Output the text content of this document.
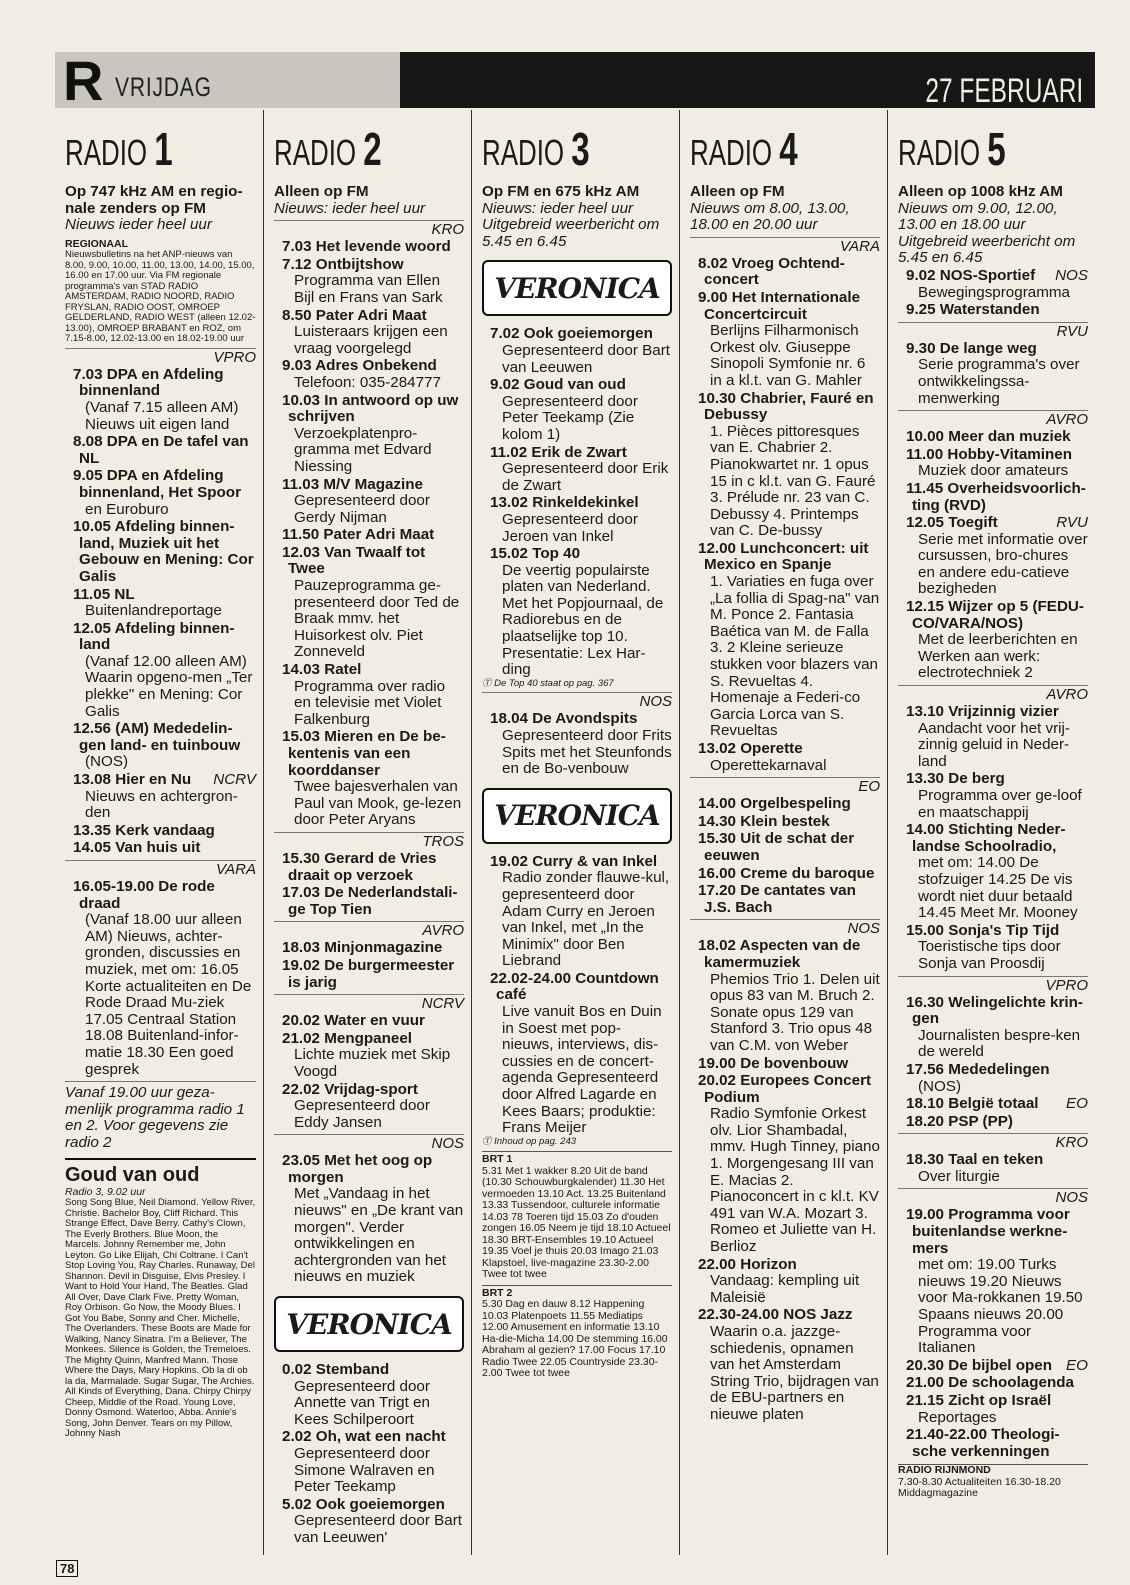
R VRIJDAG	27 FEBRUARI
RADIO 1
Op 747 kHz AM en regio-nale zenders op FM
Nieuws ieder heel uur
REGIONAAL
Nieuwsbulletins na het ANP-nieuws van 8.00, 9.00, 10.00, 11.00, 13.00, 14.00, 15.00, 16.00 en 17.00 uur. Via FM regionale programma's van STAD RADIO AMSTERDAM, RADIO NOORD, RADIO FRYSLAN, RADIO OOST, OMROEP GELDERLAND, RADIO WEST (alleen 12.02-13.00), OMROEP BRABANT en ROZ, om 7.15-8.00, 12.02-13.00 en 18.02-19.00 uur
VPRO
7.03 DPA en Afdeling binnenland
(Vanaf 7.15 alleen AM) Nieuws uit eigen land
8.08 DPA en De tafel van NL
9.05 DPA en Afdeling binnenland, Het Spoor
en Euroburo
10.05 Afdeling binnen-land, Muziek uit het Gebouw en Mening: Cor Galis
11.05 NL
Buitenlandreportage
12.05 Afdeling binnen-land
(Vanaf 12.00 alleen AM) Waarin opgeno-men „Ter plekke" en Mening: Cor Galis
12.56 (AM) Mededelin-gen land- en tuinbouw
(NOS)
13.08 Hier en Nu NCRV
Nieuws en achtergron-den
13.35 Kerk vandaag
14.05 Van huis uit
VARA
16.05-19.00 De rode draad
(Vanaf 18.00 uur alleen AM) Nieuws, achter-gronden, discussies en muziek, met om: 16.05 Korte actualiteiten en De Rode Draad Mu-ziek 17.05 Centraal Station 18.08 Buitenland-infor-matie 18.30 Een goed gesprek
Vanaf 19.00 uur geza-menlijk programma radio 1 en 2. Voor gegevens zie radio 2
Goud van oud
Radio 3, 9.02 uur
Song Song Blue, Neil Diamond. Yellow River, Christie. Bachelor Boy, Cliff Richard. This Strange Effect, Dave Berry. Cathy's Clown, The Everly Brothers. Blue Moon, the Marcels. Johnny Remember me, John Leyton. Go Like Elijah, Chi Coltrane. I Can't Stop Loving You, Ray Charles. Runaway, Del Shannon. Devil in Disguise, Elvis Presley. I Want to Hold Your Hand, The Beatles. Glad All Over, Dave Clark Five. Pretty Woman, Roy Orbison. Go Now, the Moody Blues. I Got You Babe, Sonny and Cher. Michelle, The Overlanders. These Boots are Made for Walking, Nancy Sinatra. I'm a Believer, The Monkees. Silence is Golden, the Tremeloes. The Mighty Quinn, Manfred Mann. Those Where the Days, Mary Hopkins. Ob la di ob la da, Marmalade. Sugar Sugar, The Archies. All Kinds of Everything, Dana. Chirpy Chirpy Cheep, Middle of the Road. Young Love, Donny Osmond. Waterloo, Abba. Annie's Song, John Denver. Tears on my Pillow, Johnny Nash
RADIO 2
Alleen op FM
Nieuws: ieder heel uur
KRO
7.03 Het levende woord
7.12 Ontbijtshow
Programma van Ellen Bijl en Frans van Sark
8.50 Pater Adri Maat
Luisteraars krijgen een vraag voorgelegd
9.03 Adres Onbekend
Telefoon: 035-284777
10.03 In antwoord op uw schrijven
Verzoekplatenpro-gramma met Edvard Niessing
11.03 M/V Magazine
Gepresenteerd door Gerdy Nijman
11.50 Pater Adri Maat
12.03 Van Twaalf tot Twee
Pauzeprogramma ge-presenteerd door Ted de Braak mmv. het Huisorkest olv. Piet Zonneveld
14.03 Ratel
Programma over radio en televisie met Violet Falkenburg
15.03 Mieren en De be-kentenis van een koorddanser
Twee bajesverhalen van Paul van Mook, ge-lezen door Peter Aryans
TROS
15.30 Gerard de Vries draait op verzoek
17.03 De Nederlandstali-ge Top Tien
AVRO
18.03 Minjonmagazine
19.02 De burgermeester is jarig
NCRV
20.02 Water en vuur
21.02 Mengpaneel
Lichte muziek met Skip Voogd
22.02 Vrijdag-sport
Gepresenteerd door Eddy Jansen
NOS
23.05 Met het oog op morgen
Met „Vandaag in het nieuws" en „De krant van morgen". Verder ontwikkelingen en achtergronden van het nieuws en muziek
VERONICA
0.02 Stemband
Gepresenteerd door Annette van Trigt en Kees Schilperoort
2.02 Oh, wat een nacht
Gepresenteerd door Simone Walraven en Peter Teekamp
5.02 Ook goeiemorgen
Gepresenteerd door Bart van Leeuwen'
RADIO 3
Op FM en 675 kHz AM
Nieuws: ieder heel uur Uitgebreid weerbericht om 5.45 en 6.45
VERONICA
7.02 Ook goeiemorgen
Gepresenteerd door Bart van Leeuwen
9.02 Goud van oud
Gepresenteerd door Peter Teekamp (Zie kolom 1)
11.02 Erik de Zwart
Gepresenteerd door Erik de Zwart
13.02 Rinkeldekinkel
Gepresenteerd door Jeroen van Inkel
15.02 Top 40
De veertig populairste platen van Nederland. Met het Popjournaal, de Radiorebus en de plaatselijke top 10. Presentatie: Lex Har-ding
Ⓣ De Top 40 staat op pag. 367
NOS
18.04 De Avondspits
Gepresenteerd door Frits Spits met het Steunfonds en de Bo-venbouw
VERONICA
19.02 Curry & van Inkel
Radio zonder flauwe-kul, gepresenteerd door Adam Curry en Jeroen van Inkel, met „In the Minimix" door Ben Liebrand
22.02-24.00 Countdown café
Live vanuit Bos en Duin in Soest met pop-nieuws, interviews, dis-cussies en de concert-agenda Gepresenteerd door Alfred Lagarde en Kees Baars; produktie: Frans Meijer
Ⓣ Inhoud op pag. 243
BRT 1
5.31 Met 1 wakker 8.20 Uit de band (10.30 Schouwburgkalender) 11.30 Het vermoeden 13.10 Act. 13.25 Buitenland 13.33 Tussendoor, culturele informatie 14.03 78 Toeren tijd 15.03 Zo d'ouden zongen 16.05 Neem je tijd 18.10 Actueel 18.30 BRT-Ensembles 19.10 Actueel 19.35 Voel je thuis 20.03 Imago 21.03 Klapstoel, live-magazine 23.30-2.00 Twee tot twee
BRT 2
5.30 Dag en dauw 8.12 Happening 10.03 Platenpoets 11.55 Mediatips 12.00 Amusement en informatie 13.10 Ha-die-Micha 14.00 De stemming 16.00 Abraham al gezien? 17.00 Focus 17.10 Radio Twee 22.05 Countryside 23.30-2.00 Twee tot twee
RADIO 4
Alleen op FM
Nieuws om 8.00, 13.00, 18.00 en 20.00 uur
VARA
8.02 Vroeg Ochtend-concert
9.00 Het Internationale Concertcircuit
Berlijns Filharmonisch Orkest olv. Giuseppe Sinopoli Symfonie nr. 6 in a kl.t. van G. Mahler
10.30 Chabrier, Fauré en Debussy
1. Pièces pittoresques van E. Chabrier 2. Pianokwartet nr. 1 opus 15 in c kl.t. van G. Fauré 3. Prélude nr. 23 van C. Debussy 4. Printemps van C. De-bussy
12.00 Lunchconcert: uit Mexico en Spanje
1. Variaties en fuga over „La follia di Spag-na" van M. Ponce 2. Fantasia Baética van M. de Falla 3. 2 Kleine serieuze stukken voor blazers van S. Revueltas 4. Homenaje a Federi-co Garcia Lorca van S. Revueltas
13.02 Operette
Operettekarnaval
EO
14.00 Orgelbespeling
14.30 Klein bestek
15.30 Uit de schat der eeuwen
16.00 Creme du baroque
17.20 De cantates van J.S. Bach
NOS
18.02 Aspecten van de kamermuziek
Phemios Trio 1. Delen uit opus 83 van M. Bruch 2. Sonate opus 129 van Stanford 3. Trio opus 48 van C.M. von Weber
19.00 De bovenbouw
20.02 Europees Concert Podium
Radio Symfonie Orkest olv. Lior Shambadal, mmv. Hugh Tinney, piano 1. Morgengesang III van E. Macias 2. Pianoconcert in c kl.t. KV 491 van W.A. Mozart 3. Romeo et Juliette van H. Berlioz
22.00 Horizon
Vandaag: kempling uit Maleisië
22.30-24.00 NOS Jazz
Waarin o.a. jazzge-schiedenis, opnamen van het Amsterdam String Trio, bijdragen van de EBU-partners en nieuwe platen
RADIO 5
Alleen op 1008 kHz AM
Nieuws om 9.00, 12.00, 13.00 en 18.00 uur Uitgebreid weerbericht om 5.45 en 6.45
9.02 NOS-Sportief NOS
Bewegingsprogramma
9.25 Waterstanden
RVU
9.30 De lange weg
Serie programma's over ontwikkelingssa-menwerking
AVRO
10.00 Meer dan muziek
11.00 Hobby-Vitaminen
Muziek door amateurs
11.45 Overheidsvoorlich-ting (RVD)
12.05 Toegift	RVU
Serie met informatie over cursussen, bro-chures en andere edu-catieve bezigheden
12.15 Wijzer op 5 (FEDU-CO/VARA/NOS)
Met de leerberichten en Werken aan werk: electrotechniek 2
AVRO
13.10 Vrijzinnig vizier
Aandacht voor het vrij-zinnig geluid in Neder-land
13.30 De berg
Programma over ge-loof en maatschappij
14.00 Stichting Neder-landse Schoolradio,
met om: 14.00 De stofzuiger 14.25 De vis wordt niet duur betaald 14.45 Meet Mr. Mooney
15.00 Sonja's Tip Tijd
Toeristische tips door Sonja van Proosdij
VPRO
16.30 Welingelichte krin-gen
Journalisten bespre-ken de wereld
17.56 Mededelingen
(NOS)
18.10 België totaal EO
18.20 PSP (PP)
KRO
18.30 Taal en teken
Over liturgie
NOS
19.00 Programma voor buitenlandse werkne-mers
met om: 19.00 Turks nieuws 19.20 Nieuws voor Ma-rokkanen 19.50 Spaans nieuws 20.00 Programma voor Italianen
20.30 De bijbel open EO
21.00 De schoolagenda
21.15 Zicht op Israël
Reportages
21.40-22.00 Theologi-sche verkenningen
RADIO RIJNMOND
7.30-8.30 Actualiteiten 16.30-18.20 Middagmagazine
78
